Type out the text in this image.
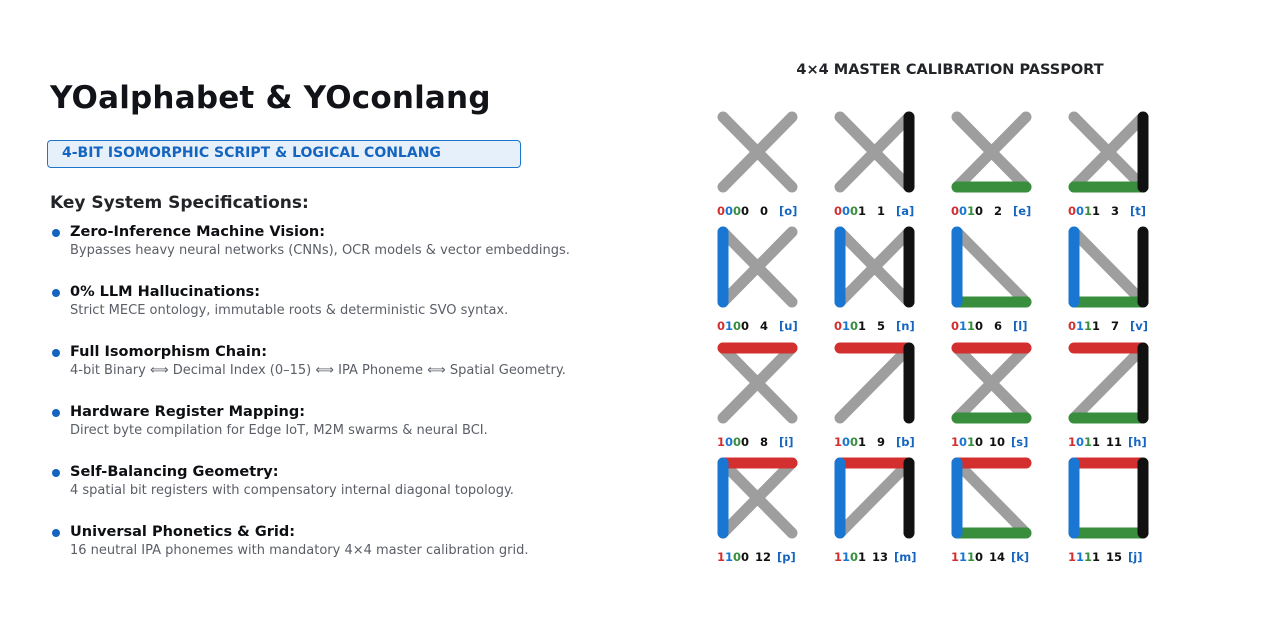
YOalphabet & YOconlang
4-BIT ISOMORPHIC SCRIPT & LOGICAL CONLANG
Key System Specifications:
Zero-Inference Machine Vision:
Bypasses heavy neural networks (CNNs), OCR models & vector embeddings.
0% LLM Hallucinations:
Strict MECE ontology, immutable roots & deterministic SVO syntax.
Full Isomorphism Chain:
4-bit Binary ⟺ Decimal Index (0–15) ⟺ IPA Phoneme ⟺ Spatial Geometry.
Hardware Register Mapping:
Direct byte compilation for Edge IoT, M2M swarms & neural BCI.
Self-Balancing Geometry:
4 spatial bit registers with compensatory internal diagonal topology.
Universal Phonetics & Grid:
16 neutral IPA phonemes with mandatory 4×4 master calibration grid.
4×4 MASTER CALIBRATION PASSPORT
0000 0 [o]	0001 1 [a]	0010 2 [e]	0011 3 [t]
0100 4 [u]	0101 5 [n]	0110 6 [l]	0111 7 [v]
1000 8 [i]	1001 9 [b]	1010 10 [s]	1011 11 [h]
1100 12 [p]	1101 13 [m]	1110 14 [k]	1111 15 [j]
